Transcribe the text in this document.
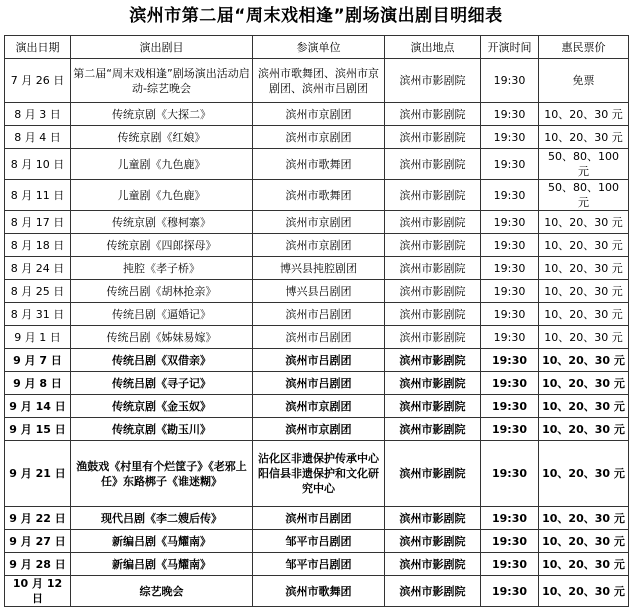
滨州市第二届“周末戏相逢”剧场演出剧目明细表
演出日期	演出剧目	参演单位	演出地点	开演时间	惠民票价
7 月 26 日	第二届“周末戏相逢”剧场演出活动启动-综艺晚会	滨州市歌舞团、滨州市京剧团、滨州市吕剧团	滨州市影剧院	19:30	免票
8 月 3 日	传统京剧《大探二》	滨州市京剧团	滨州市影剧院	19:30	10、20、30 元
8 月 4 日	传统京剧《红娘》	滨州市京剧团	滨州市影剧院	19:30	10、20、30 元
8 月 10 日	儿童剧《九色鹿》	滨州市歌舞团	滨州市影剧院	19:30	50、80、100 元
8 月 11 日	儿童剧《九色鹿》	滨州市歌舞团	滨州市影剧院	19:30	50、80、100 元
8 月 17 日	传统京剧《穆柯寨》	滨州市京剧团	滨州市影剧院	19:30	10、20、30 元
8 月 18 日	传统京剧《四郎探母》	滨州市京剧团	滨州市影剧院	19:30	10、20、30 元
8 月 24 日	扽腔《孝子桥》	博兴县扽腔剧团	滨州市影剧院	19:30	10、20、30 元
8 月 25 日	传统吕剧《胡林抢亲》	博兴县吕剧团	滨州市影剧院	19:30	10、20、30 元
8 月 31 日	传统吕剧《逼婚记》	滨州市吕剧团	滨州市影剧院	19:30	10、20、30 元
9 月 1 日	传统吕剧《姊妹易嫁》	滨州市吕剧团	滨州市影剧院	19:30	10、20、30 元
9 月 7 日	传统吕剧《双借亲》	滨州市吕剧团	滨州市影剧院	19:30	10、20、30 元
9 月 8 日	传统吕剧《寻子记》	滨州市吕剧团	滨州市影剧院	19:30	10、20、30 元
9 月 14 日	传统京剧《金玉奴》	滨州市京剧团	滨州市影剧院	19:30	10、20、30 元
9 月 15 日	传统京剧《勘玉川》	滨州市京剧团	滨州市影剧院	19:30	10、20、30 元
9 月 21 日	渔鼓戏《村里有个烂筐子》《老邪上任》东路梆子《谁迷糊》	沾化区非遗保护传承中心 阳信县非遗保护和文化研究中心	滨州市影剧院	19:30	10、20、30 元
9 月 22 日	现代吕剧《李二嫂后传》	滨州市吕剧团	滨州市影剧院	19:30	10、20、30 元
9 月 27 日	新编吕剧《马耀南》	邹平市吕剧团	滨州市影剧院	19:30	10、20、30 元
9 月 28 日	新编吕剧《马耀南》	邹平市吕剧团	滨州市影剧院	19:30	10、20、30 元
10 月 12 日	综艺晚会	滨州市歌舞团	滨州市影剧院	19:30	10、20、30 元
